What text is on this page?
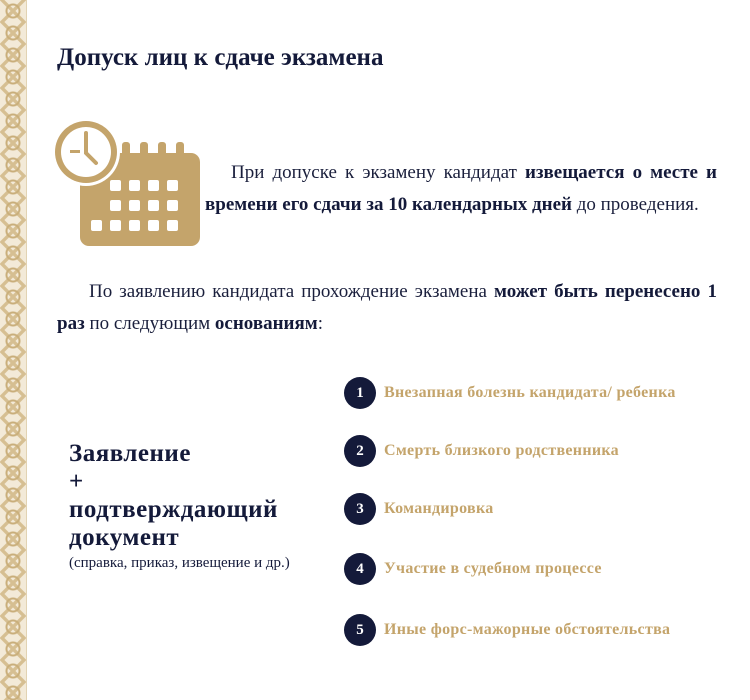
Допуск лиц к сдаче экзамена

При допуске к экзамену кандидат извещается о месте и времени его сдачи за 10 календарных дней до проведения.

По заявлению кандидата прохождение экзамена может быть перенесено 1 раз по следующим основаниям:

Заявление
+
подтверждающий
документ
(справка, приказ, извещение и др.)
1	Внезапная болезнь кандидата/ ребенка
2	Смерть близкого родственника
3	Командировка
4	Участие в судебном процессе
5	Иные форс-мажорные обстоятельства
